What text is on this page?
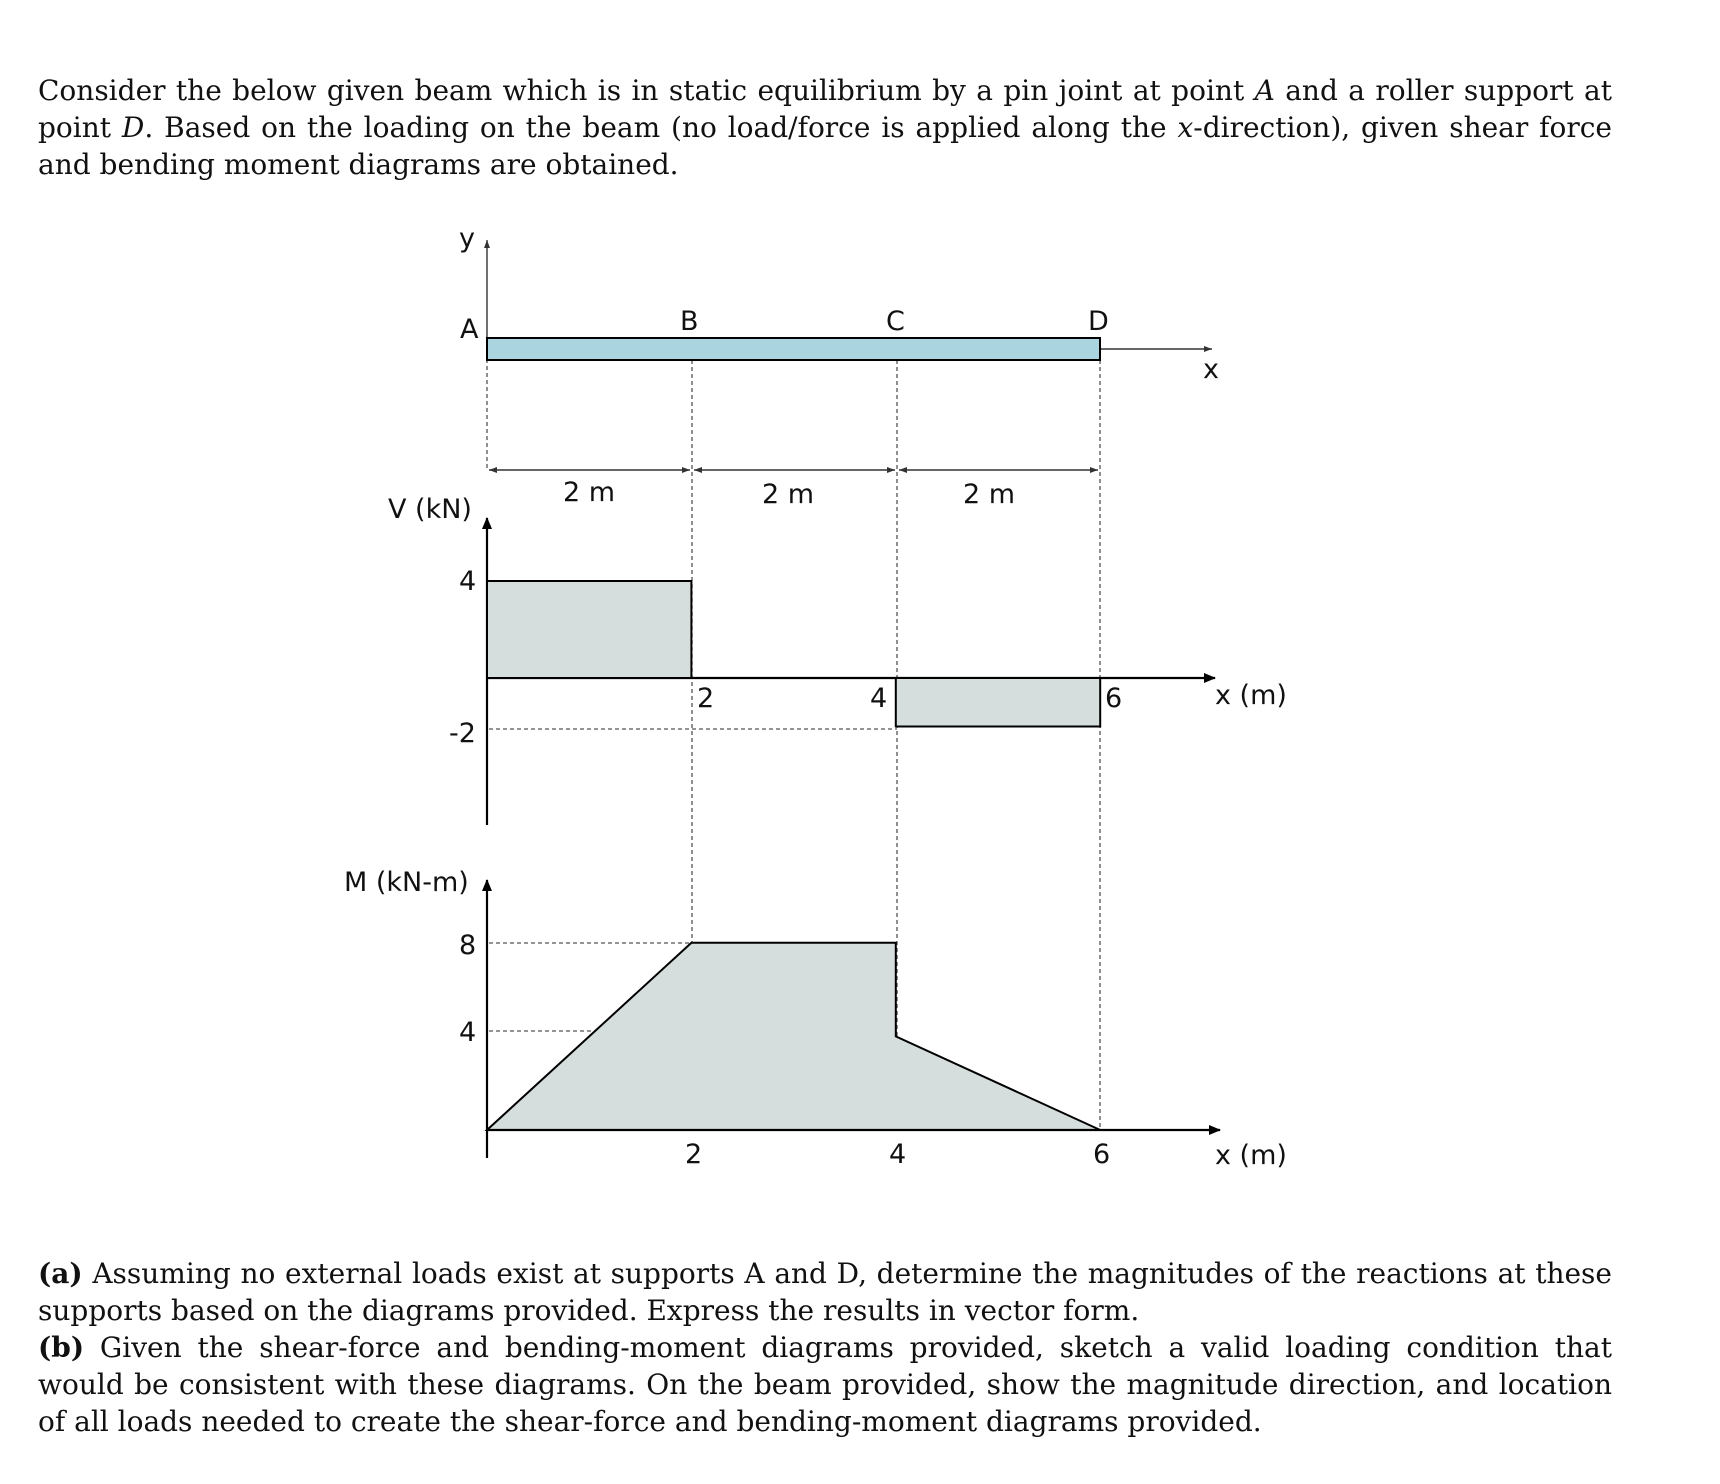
Consider the below given beam which is in static equilibrium by a pin joint at point A and a roller support at point D. Based on the loading on the beam (no load/force is applied along the x-direction), given shear force and bending moment diagrams are obtained.
y
x
A	B	C	D
2 m	2 m	2 m
V (kN)
4
-2
2	4	6	x (m)
M (kN-m)
8
4
2	4	6	x (m)
(a) Assuming no external loads exist at supports A and D, determine the magnitudes of the reactions at these supports based on the diagrams provided. Express the results in vector form.
(b) Given the shear-force and bending-moment diagrams provided, sketch a valid loading condition that would be consistent with these diagrams. On the beam provided, show the magnitude direction, and location of all loads needed to create the shear-force and bending-moment diagrams provided.
